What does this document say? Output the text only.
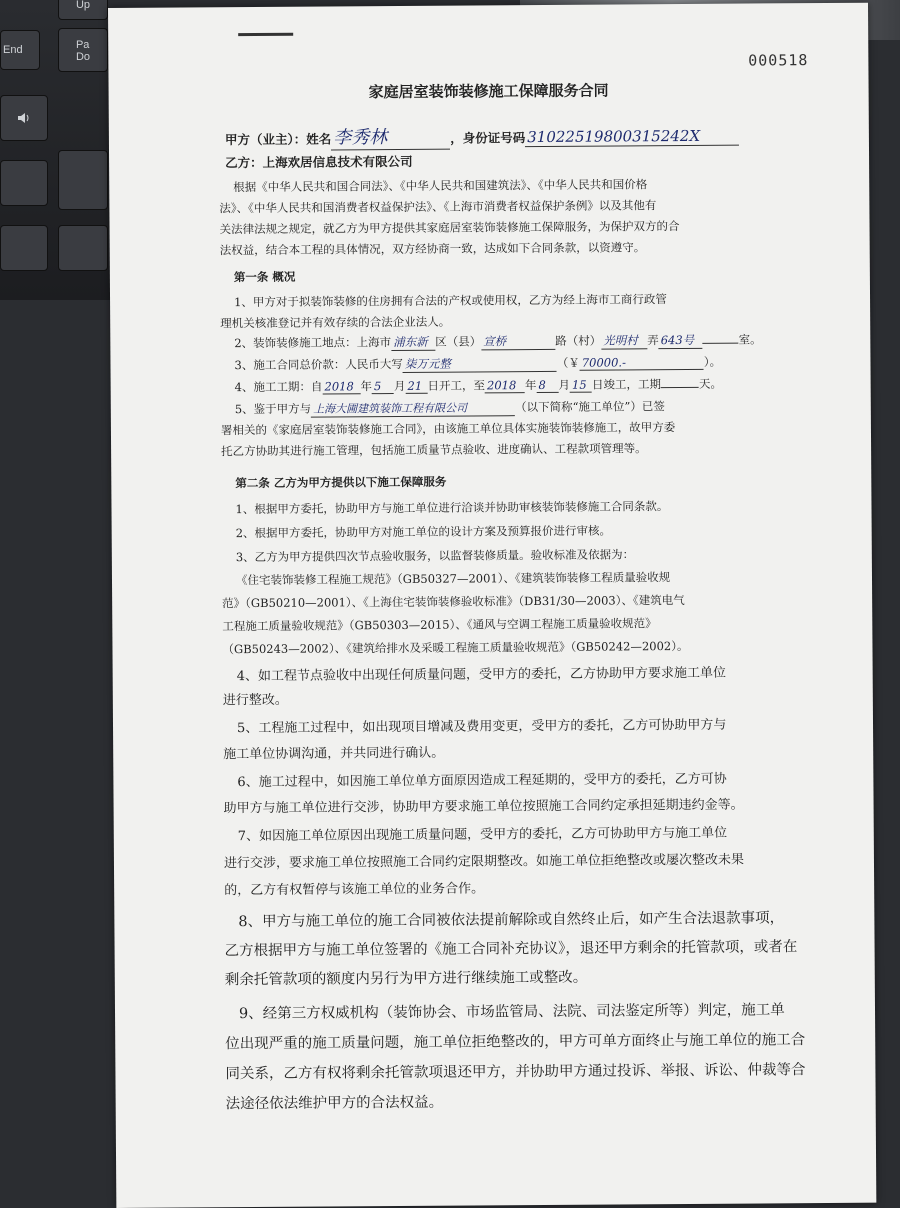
Up
End	Pa
Do	000518
家庭居室装饰装修施工保障服务合同
甲方（业主）：姓名 李秀林	，身份证号码 31022519800315242X
乙方：上海欢居信息技术有限公司
根据《中华人民共和国合同法》、《中华人民共和国建筑法》、《中华人民共和国价格
法》、《中华人民共和国消费者权益保护法》、《上海市消费者权益保护条例》以及其他有
关法律法规之规定，就乙方为甲方提供其家庭居室装饰装修施工保障服务，为保护双方的合
法权益，结合本工程的具体情况，双方经协商一致，达成如下合同条款，以资遵守。
第一条 概况
1、甲方对于拟装饰装修的住房拥有合法的产权或使用权，乙方为经上海市工商行政管
理机关核准登记并有效存续的合法企业法人。
2、装饰装修施工地点：上海市 浦东新 区（县） 宣桥	路（村） 光明村 弄 643号	室。
3、施工合同总价款：人民币大写 柒万元整	（￥ 70000.-	）。
4、施工工期：自 2018 年 5 月 21 日开工，至 2018 年 8 月 15 日竣工，工期	天。
5、鉴于甲方与 上海大圃建筑装饰工程有限公司	（以下简称“施工单位”）已签
署相关的《家庭居室装饰装修施工合同》，由该施工单位具体实施装饰装修施工，故甲方委
托乙方协助其进行施工管理，包括施工质量节点验收、进度确认、工程款项管理等。
第二条 乙方为甲方提供以下施工保障服务
1、根据甲方委托，协助甲方与施工单位进行洽谈并协助审核装饰装修施工合同条款。
2、根据甲方委托，协助甲方对施工单位的设计方案及预算报价进行审核。
3、乙方为甲方提供四次节点验收服务，以监督装修质量。验收标准及依据为：
《住宅装饰装修工程施工规范》（GB50327—2001）、《建筑装饰装修工程质量验收规
范》（GB50210—2001）、《上海住宅装饰装修验收标准》（DB31/30—2003）、《建筑电气
工程施工质量验收规范》（GB50303—2015）、《通风与空调工程施工质量验收规范》
（GB50243—2002）、《建筑给排水及采暖工程施工质量验收规范》（GB50242—2002）。
4、如工程节点验收中出现任何质量问题，受甲方的委托，乙方协助甲方要求施工单位
进行整改。
5、工程施工过程中，如出现项目增减及费用变更，受甲方的委托，乙方可协助甲方与
施工单位协调沟通，并共同进行确认。
6、施工过程中，如因施工单位单方面原因造成工程延期的，受甲方的委托，乙方可协
助甲方与施工单位进行交涉，协助甲方要求施工单位按照施工合同约定承担延期违约金等。
7、如因施工单位原因出现施工质量问题，受甲方的委托，乙方可协助甲方与施工单位
进行交涉，要求施工单位按照施工合同约定限期整改。如施工单位拒绝整改或屡次整改未果
的，乙方有权暂停与该施工单位的业务合作。
8、甲方与施工单位的施工合同被依法提前解除或自然终止后，如产生合法退款事项，
乙方根据甲方与施工单位签署的《施工合同补充协议》，退还甲方剩余的托管款项，或者在
剩余托管款项的额度内另行为甲方进行继续施工或整改。
9、经第三方权威机构（装饰协会、市场监管局、法院、司法鉴定所等）判定，施工单
位出现严重的施工质量问题，施工单位拒绝整改的，甲方可单方面终止与施工单位的施工合
同关系，乙方有权将剩余托管款项退还甲方，并协助甲方通过投诉、举报、诉讼、仲裁等合
法途径依法维护甲方的合法权益。
